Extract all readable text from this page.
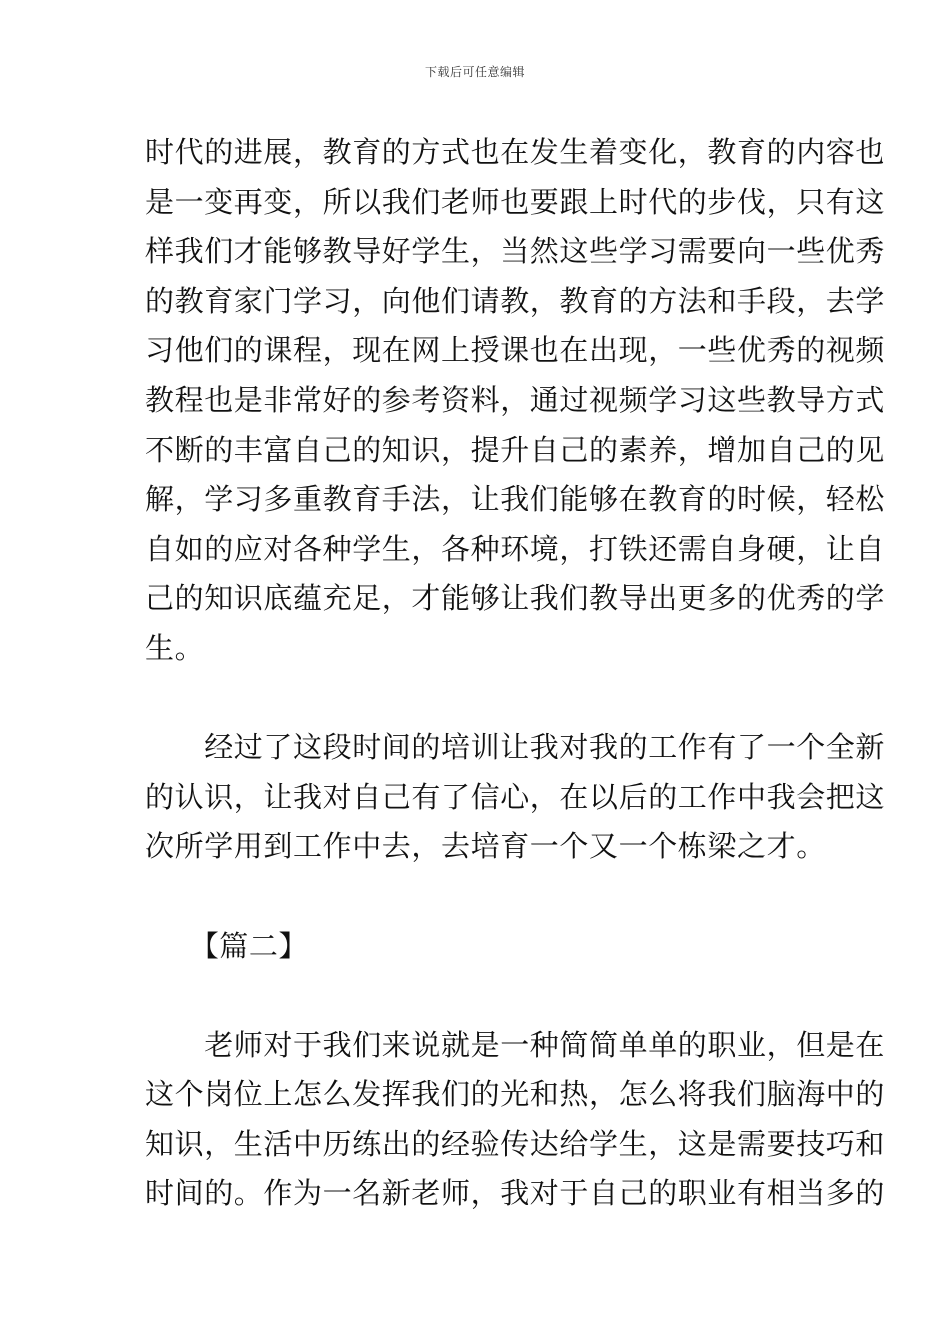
下载后可任意编辑
时代的进展，教育的方式也在发生着变化，教育的内容也
是一变再变，所以我们老师也要跟上时代的步伐，只有这
样我们才能够教导好学生，当然这些学习需要向一些优秀
的教育家门学习，向他们请教，教育的方法和手段，去学
习他们的课程，现在网上授课也在出现，一些优秀的视频
教程也是非常好的参考资料，通过视频学习这些教导方式
不断的丰富自己的知识，提升自己的素养，增加自己的见
解，学习多重教育手法，让我们能够在教育的时候，轻松
自如的应对各种学生，各种环境，打铁还需自身硬，让自
己的知识底蕴充足，才能够让我们教导出更多的优秀的学
生。
　　经过了这段时间的培训让我对我的工作有了一个全新
的认识，让我对自己有了信心，在以后的工作中我会把这
次所学用到工作中去，去培育一个又一个栋梁之才。
　　【篇二】
　　老师对于我们来说就是一种简简单单的职业，但是在
这个岗位上怎么发挥我们的光和热，怎么将我们脑海中的
知识，生活中历练出的经验传达给学生，这是需要技巧和
时间的。作为一名新老师，我对于自己的职业有相当多的
